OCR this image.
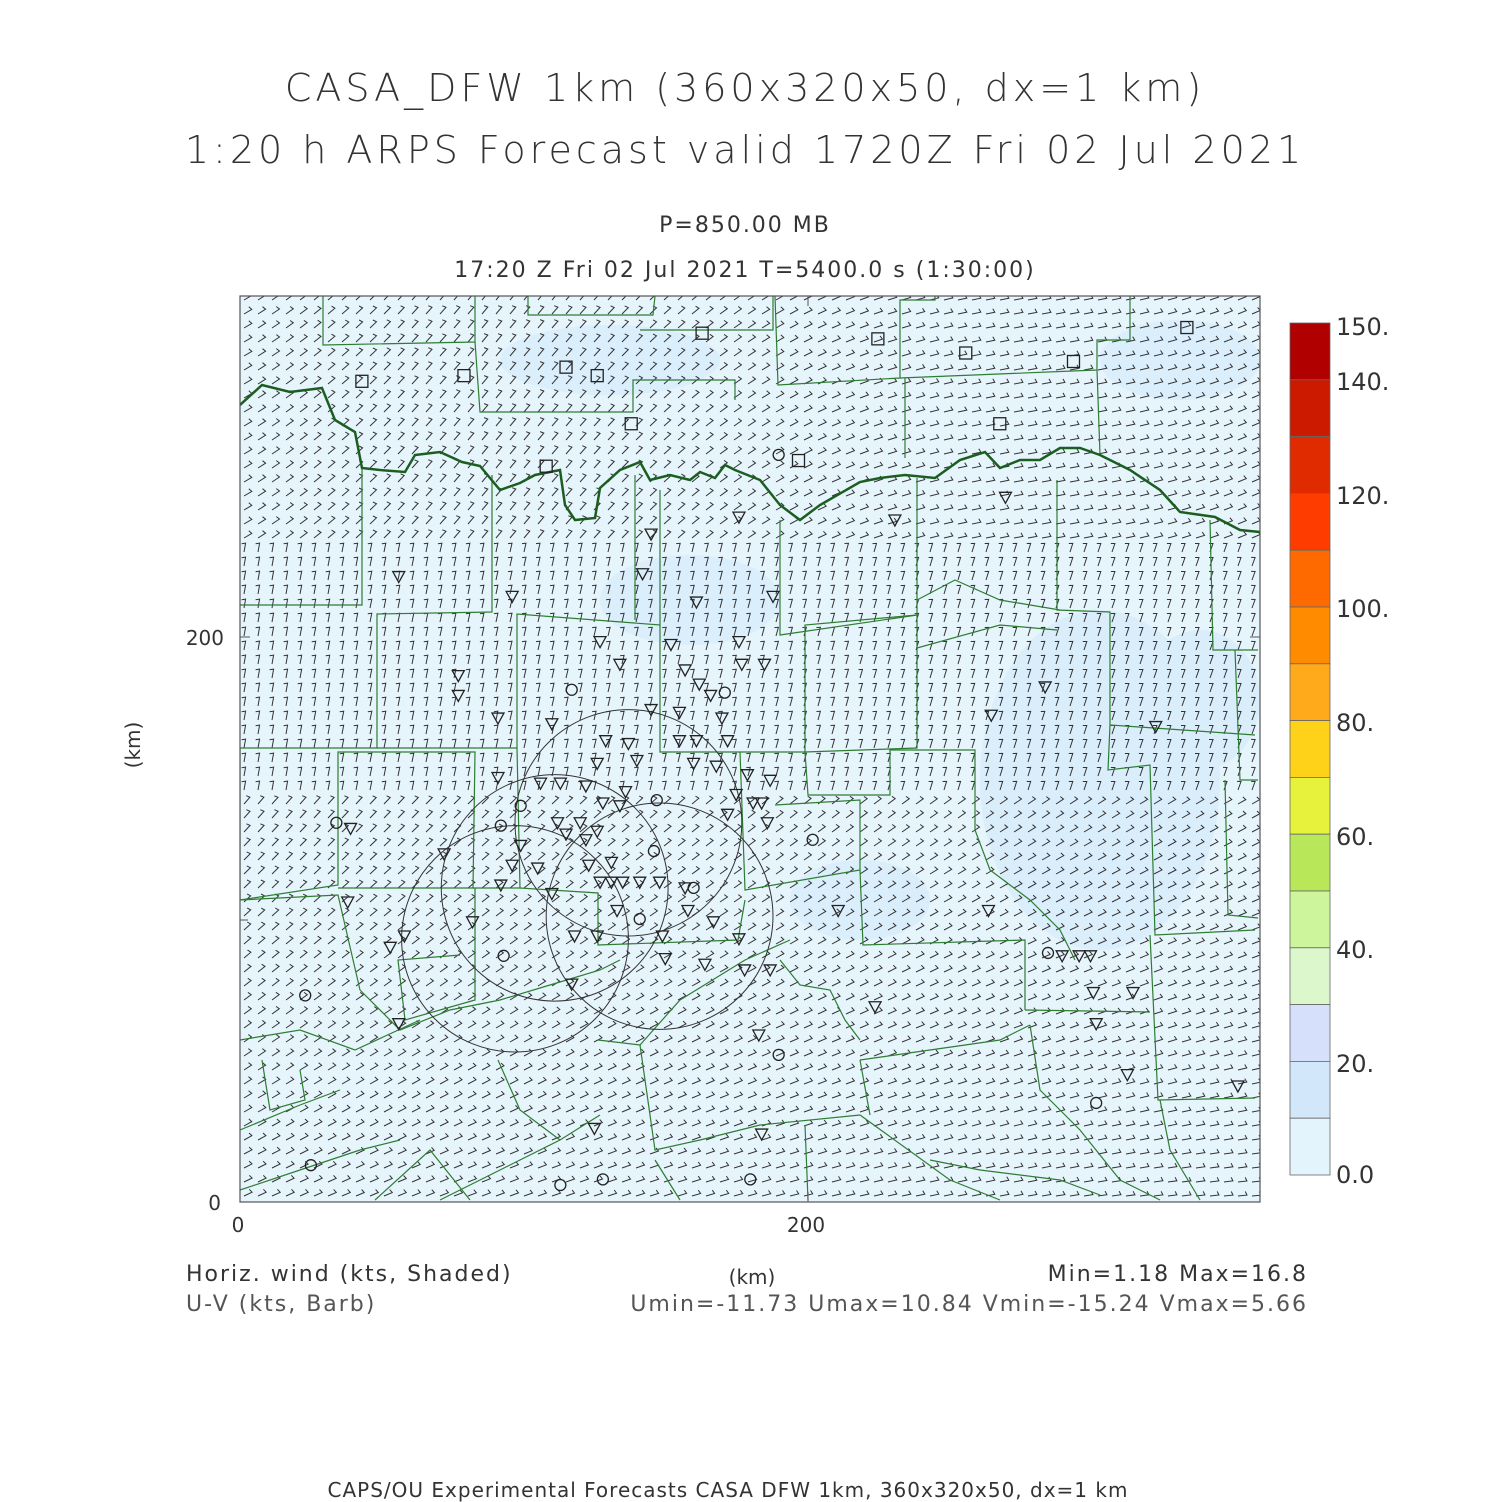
CASA_DFW 1km (360x320x50, dx=1 km)
1:20 h ARPS Forecast valid 1720Z Fri 02 Jul 2021
P=850.00 MB
17:20 Z Fri 02 Jul 2021 T=5400.0 s (1:30:00)
0	200
0
200
(km)
(km)
150.
140.
120.
100.
80.
60.
40.
20.
0.0
Horiz. wind (kts, Shaded)
U-V (kts, Barb)
Min=1.18 Max=16.8
Umin=-11.73 Umax=10.84 Vmin=-15.24 Vmax=5.66
CAPS/OU Experimental Forecasts CASA DFW 1km, 360x320x50, dx=1 km
